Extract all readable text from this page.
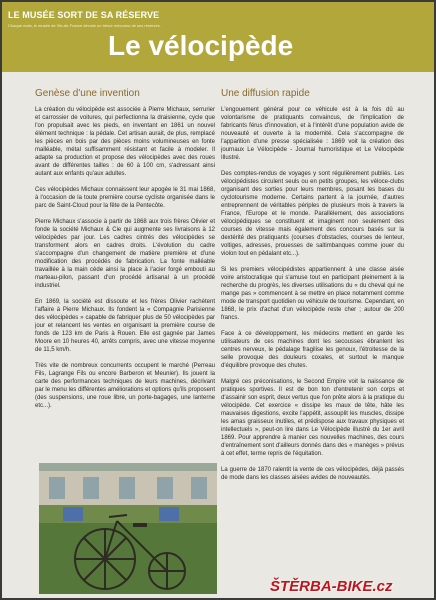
LE MUSÉE SORT DE SA RÉSERVE
Chaque mois, le musée de l'Ile-de-France dévoile un trésor méconnu de ses réserves.
Le vélocipède
Genèse d'une invention	Une diffusion rapide

La création du vélocipède est associée à Pierre Michaux, serrurier et carrossier de voitures, qui perfectionna la draisienne, cycle que l'on propulsait avec les pieds, en inventant en 1861 un nouvel élément technique : la pédale. Cet artisan aurait, de plus, remplacé les pièces en bois par des pièces moins volumineuses en fonte malléable, métal suffisamment résistant et facile à modeler. Il adapte sa production et propose des vélocipèdes avec des roues avant de différentes tailles : de 60 à 100 cm, s'adressant ainsi autant aux enfants qu'aux adultes.

Ces vélocipèdes Michaux connaissent leur apogée le 31 mai 1868, à l'occasion de la toute première course cycliste organisée dans le parc de Saint-Cloud pour la fête de la Pentecôte.

Pierre Michaux s'associe à partir de 1868 aux trois frères Olivier et fonde la société Michaux & Cie qui augmente ses livraisons à 12 vélocipèdes par jour. Les cadres cintrés des vélocipèdes se transforment alors en cadres droits. L'évolution du cadre s'accompagne d'un changement de matière première et d'une modification des procédés de fabrication. La fonte malléable travaillée à la main cède ainsi la place à l'acier forgé embouti au marteau-pilon, passant d'un procédé artisanal à un procédé industriel.

En 1869, la société est dissoute et les frères Olivier rachètent l'affaire à Pierre Michaux. Ils fondent la « Compagnie Parisienne des vélocipèdes » capable de fabriquer plus de 50 vélocipèdes par jour et relancent les ventes en organisant la première course de fonds de 123 km de Paris à Rouen. Elle est gagnée par James Moore en 10 heures 40, arrêts compris, avec une vitesse moyenne de 11,5 km/h.

Très vite de nombreux concurrents occupent le marché (Perreau Fils, Lagrange Fils ou encore Barberon et Meunier). Ils jouent la carte des performances techniques de leurs machines, décrivant par le menu les différentes améliorations et options qu'ils proposent (des suspensions, une roue libre, un porte-bagages, une lanterne etc...).

L'engouement général pour ce véhicule est à la fois dû au volontarisme de pratiquants convaincus, de l'implication de fabricants férus d'innovation, et à l'intérêt d'une population avide de nouveauté et ouverte à la modernité. Cela s'accompagne de l'apparition d'une presse spécialisée : 1869 voit la création des journaux Le Vélocipède - Journal humoristique et Le Vélocipède Illustré.

Des comptes-rendus de voyages y sont régulièrement publiés. Les vélocipédistes circulent seuls ou en petits groupes, les véloce-clubs organisant des sorties pour leurs membres, posant les bases du cyclotourisme moderne. Certains partent à la journée, d'autres entreprennent de véritables périples de plusieurs mois à travers la France, l'Europe et le monde. Parallèlement, des associations vélocipédiques se constituent et imaginent non seulement des courses de vitesse mais également des concours basés sur la dextérité des pratiquants (courses d'obstacles, courses de lenteur, voltiges, adresses, prouesses de saltimbanques comme jouer du violon tout en pédalant etc...).

Si les premiers vélocipédistes appartiennent à une classe aisée voire aristocratique qui s'amuse tout en participant pleinement à la recherche du progrès, les diverses utilisations du « du cheval qui ne mange pas » commencent à se mettre en place notamment comme mode de transport quotidien ou véhicule de tourisme. Cependant, en 1868, le prix d'achat d'un vélocipède reste cher ; autour de 200 francs.

Face à ce développement, les médecins mettent en garde les utilisateurs de ces machines dont les secousses ébranlent les centres nerveux, le pédalage fragilise les genoux, l'étroitesse de la selle provoque des douleurs coxales, et surtout le manque d'équilibre provoque des chutes.

Malgré ces préconisations, le Second Empire voit la naissance de pratiques sportives. Il est de bon ton d'entretenir son corps et d'assainir son esprit, deux vertus que l'on prête alors à la pratique du vélocipède. Cet exercice « dissipe les maux de tête, hâte les mauvaises digestions, excite l'appétit, assouplit les muscles, dissipe les amas graisseux inutiles, et prédispose aux travaux physiques et intellectuels », peut-on lire dans Le Vélocipède illustré du 1er avril 1869. Pour apprendre à manier ces nouvelles machines, des cours d'entraînement sont d'ailleurs donnés dans des « manèges » prévus à cet effet, terme repris de l'équitation.

La guerre de 1870 ralentit la vente de ces vélocipèdes, déjà passés de mode dans les classes aisées avides de nouveautés.

ŠTĚRBA-BIKE.cz
